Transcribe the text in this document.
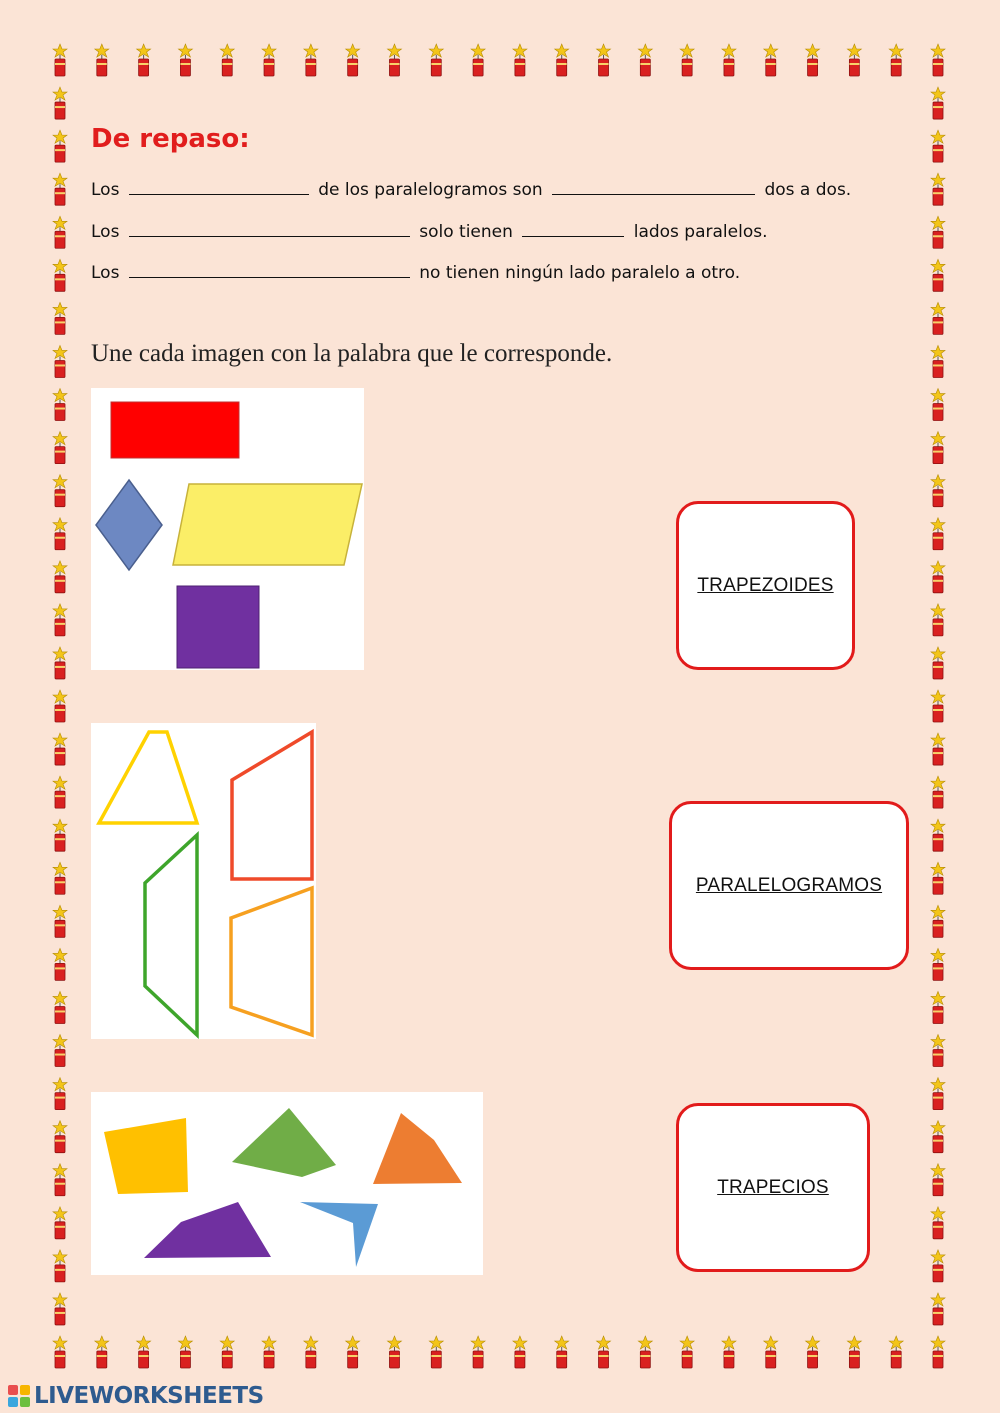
De repaso:
Los	de los paralelogramos son	dos a dos.
Los	solo tienen	lados paralelos.
Los	no tienen ningún lado paralelo a otro.
Une cada imagen con la palabra que le corresponde.
TRAPEZOIDES
PARALELOGRAMOS
TRAPECIOS
LIVEWORKSHEETS
